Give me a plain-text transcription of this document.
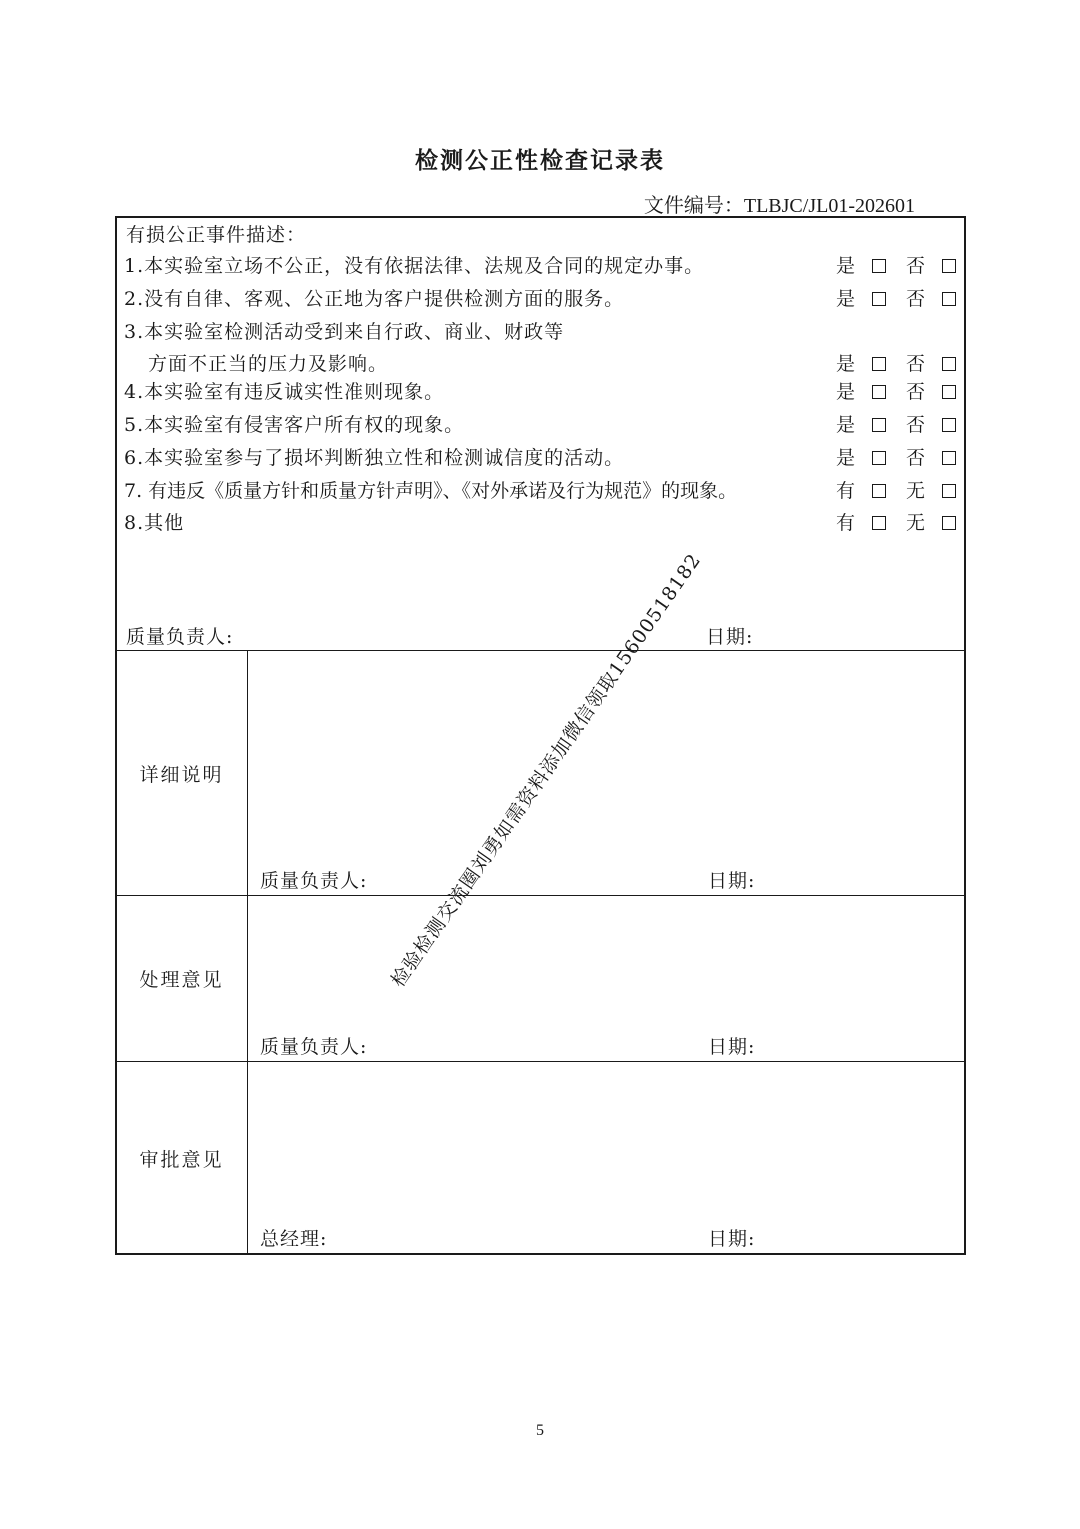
检测公正性检查记录表
文件编号：TLBJC/JL01-202601
有损公正事件描述：
1.本实验室立场不公正，没有依据法律、法规及合同的规定办事。	是	否
2.没有自律、客观、公正地为客户提供检测方面的服务。	是	否
3.本实验室检测活动受到来自行政、商业、财政等
方面不正当的压力及影响。	是	否
4.本实验室有违反诚实性准则现象。	是	否
5.本实验室有侵害客户所有权的现象。	是	否
6.本实验室参与了损坏判断独立性和检测诚信度的活动。	是	否
7. 有违反《质量方针和质量方针声明》、《对外承诺及行为规范》的现象。	有	无
8.其他	有	无
质量负责人:	日期:
详细说明
质量负责人:	日期:
处理意见
质量负责人:	日期:
审批意见
总经理:	日期:
检验检测交流圈刘勇如需资料添加微信领取15600518182
5
